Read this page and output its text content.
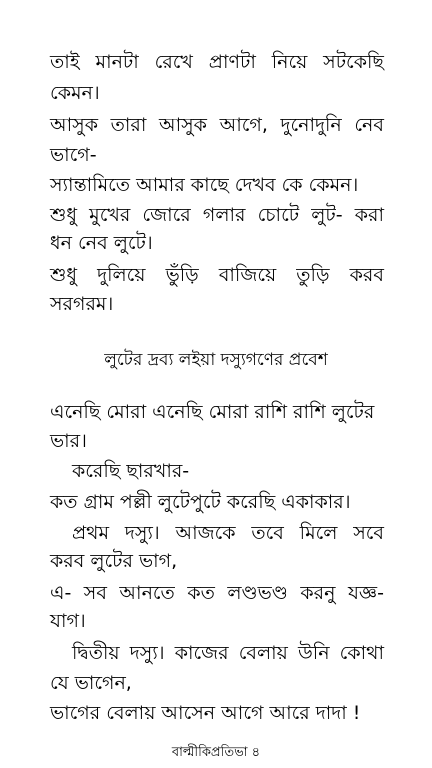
তাই মানটা রেখে প্রাণটা নিয়ে সটকেছি
কেমন।
আসুক তারা আসুক আগে, দুনোদুনি নেব
ভাগে-
স্যান্তামিতে আমার কাছে দেখব কে কেমন।
শুধু মুখের জোরে গলার চোটে লুট- করা
ধন নেব লুটে।
শুধু দুলিয়ে ভুঁড়ি বাজিয়ে তুড়ি করব
সরগরম।
লুটের দ্রব্য লইয়া দস্যুগণের প্রবেশ
এনেছি মোরা এনেছি মোরা রাশি রাশি লুটের
ভার।
করেছি ছারখার-
কত গ্রাম পল্লী লুটেপুটে করেছি একাকার।
প্রথম দস্যু। আজকে তবে মিলে সবে
করব লুটের ভাগ,
এ- সব আনতে কত লণ্ডভণ্ড করনু যজ্ঞ-
যাগ।
দ্বিতীয় দস্যু। কাজের বেলায় উনি কোথা
যে ভাগেন,
ভাগের বেলায় আসেন আগে আরে দাদা !
বাল্মীকিপ্রতিভা ৪
